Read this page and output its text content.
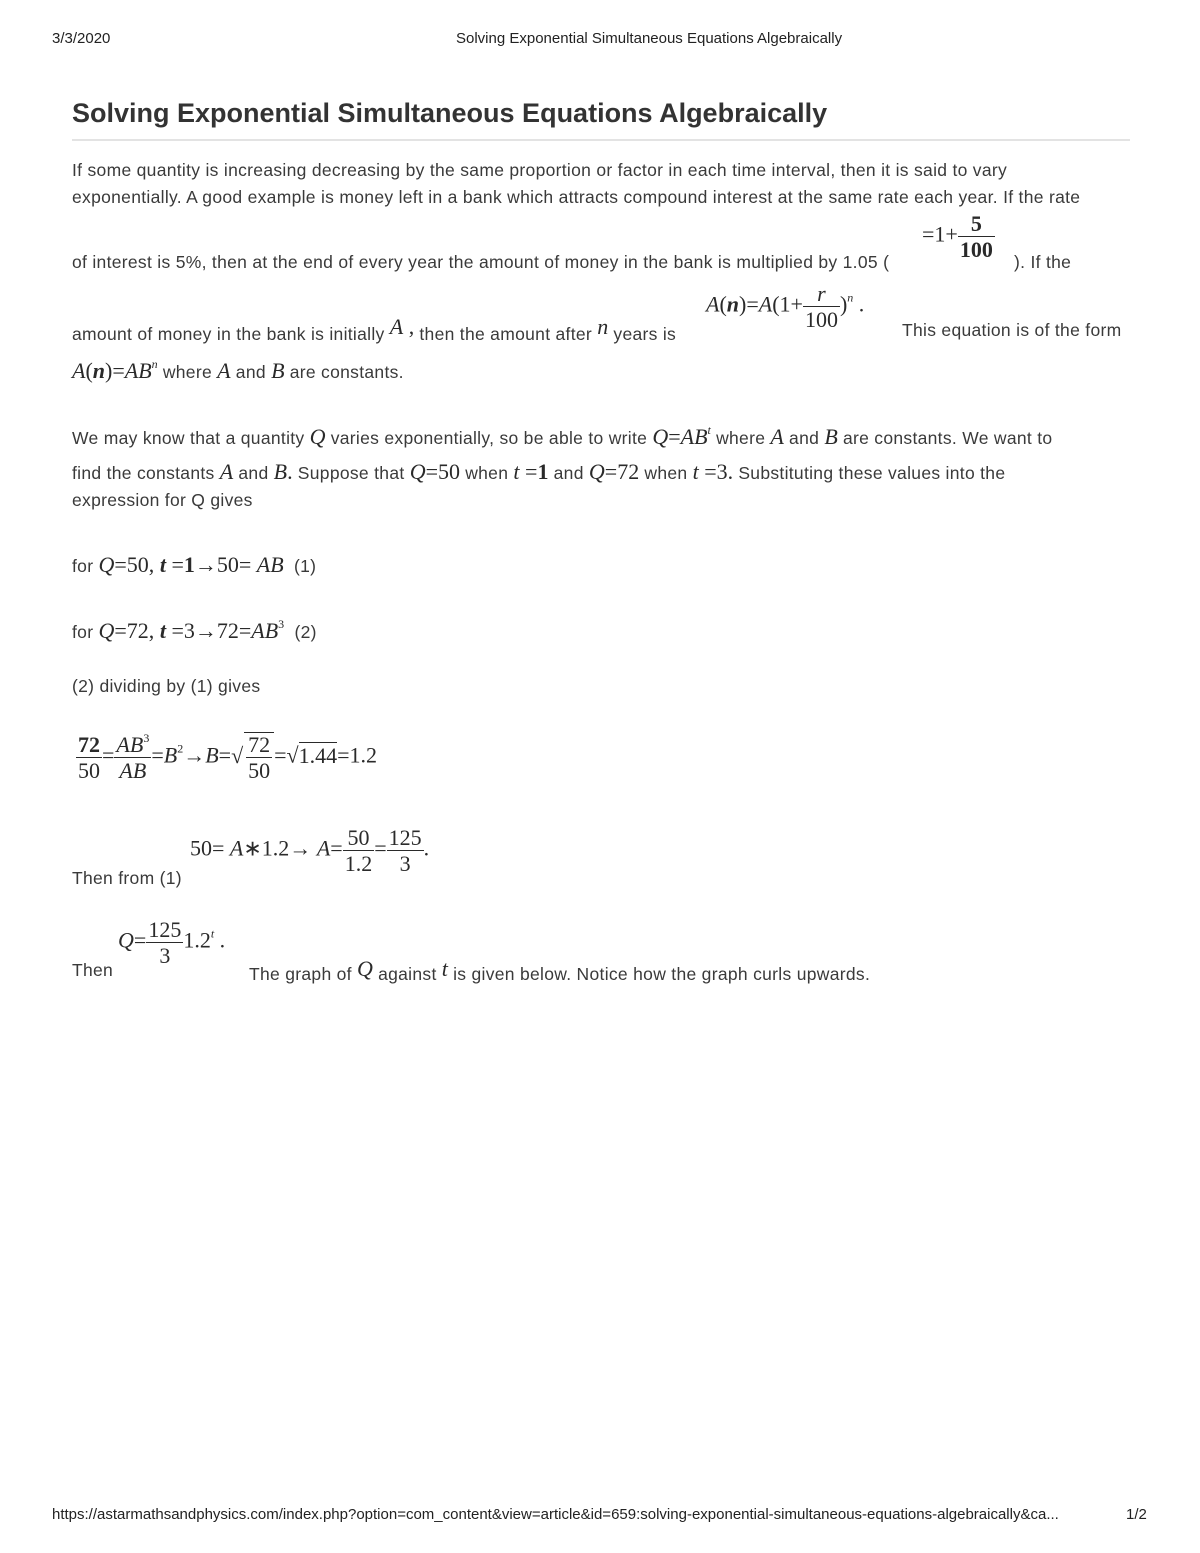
3/3/2020	Solving Exponential Simultaneous Equations Algebraically
Solving Exponential Simultaneous Equations Algebraically
If some quantity is increasing decreasing by the same proportion or factor in each time interval, then it is said to vary
exponentially. A good example is money left in a bank which attracts compound interest at the same rate each year. If the rate
of interest is 5%, then at the end of every year the amount of money in the bank is multiplied by 1.05 (
$=1+ \frac{5}{100}$
). If the
amount of money in the bank is initially A , then the amount after n years is
$A(n)=A(1+ \frac{r}{100} )^n$ .
This equation is of the form
$A(n)=AB^n$ where A and B are constants.
We may know that a quantity Q varies exponentially, so be able to write $Q=AB^t$ where A and B are constants. We want to
find the constants A and B. Suppose that Q=50 when t =1 and Q=72 when t =3. Substituting these values into the
expression for Q gives
for Q=50, t =1→50= AB (1)
for Q=72, $t =3\to 72=AB^3$ (2)
(2) dividing by (1) gives
$\frac{72}{50} = \frac{AB^3}{AB} =B^2\to B=√ \frac{72}{50} =√1.44=1.2$
50= A∗1.2→ $A= \frac{50}{1.2} = \frac{125}{3}$ .
Then from (1)
$Q= \frac{125}{3} 1.2^t$ .
Then	The graph of Q against t is given below. Notice how the graph curls upwards.
https://astarmathsandphysics.com/index.php?option=com_content&view=article&id=659:solving-exponential-simultaneous-equations-algebraically&ca...	1/2
